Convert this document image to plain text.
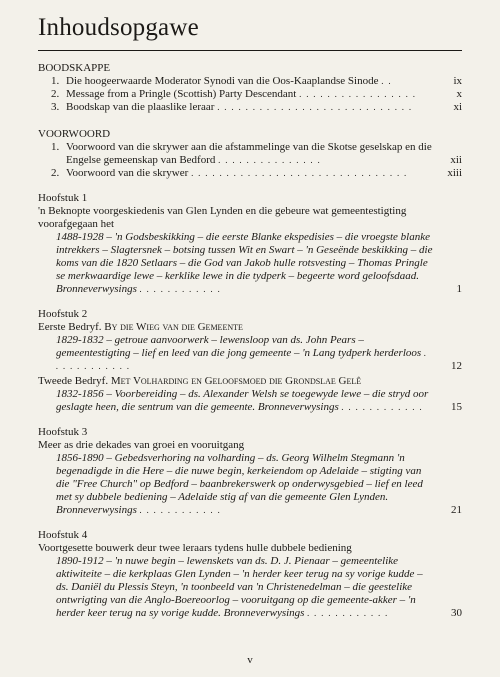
Inhoudsopgawe
BOODSKAPPE
1. Die hoogeerwaarde Moderator Synodi van die Oos-Kaaplandse Sinode . .	ix
2. Message from a Pringle (Scottish) Party Descendant . . . . . . . . . . . . . . . . .	x
3. Boodskap van die plaaslike leraar . . . . . . . . . . . . . . . . . . . . . . . . . . . .	xi
VOORWOORD
1. Voorwoord van die skrywer aan die afstammelinge van die Skotse geselskap en die Engelse gemeenskap van Bedford . . . . . . . . . . . . . . .	xii
2. Voorwoord van die skrywer . . . . . . . . . . . . . . . . . . . . . . . . . . . . . . .	xiii
Hoofstuk 1
'n Beknopte voorgeskiedenis van Glen Lynden en die gebeure wat gemeentestigting voorafgegaan het
1488-1928 – 'n Godsbeskikking – die eerste Blanke ekspedisies – die vroegste blanke intrekkers – Slagtersnek – botsing tussen Wit en Swart – 'n Geseënde beskikking – die koms van die 1820 Setlaars – die God van Jakob hulle rotsvesting – Thomas Pringle se merkwaardige lewe – kerklike lewe in die tydperk – begeerte word geloofsdaad. Bronneverwysings . . . . . . . . . . . .	1
Hoofstuk 2
Eerste Bedryf. By die Wieg van die Gemeente
1829-1832 – getroue aanvoorwerk – lewensloop van ds. John Pears – gemeentestigting – lief en leed van die jong gemeente – 'n Lang tydperk herderloos . . . . . . . . . . . .	12
Tweede Bedryf. Met Volharding en Geloofsmoed die Grondslae Gelê
1832-1856 – Voorbereiding – ds. Alexander Welsh se toegewyde lewe – die stryd oor geslagte heen, die sentrum van die gemeente. Bronneverwysings . . . . . . . . . . . .	15
Hoofstuk 3
Meer as drie dekades van groei en vooruitgang
1856-1890 – Gebedsverhoring na volharding – ds. Georg Wilhelm Stegmann 'n begenadigde in die Here – die nuwe begin, kerkeiendom op Adelaide – stigting van die "Free Church" op Bedford – baanbrekerswerk op onderwysgebied – lief en leed met sy dubbele bediening – Adelaide stig af van die gemeente Glen Lynden. Bronneverwysings . . . . . . . . . . . .	21
Hoofstuk 4
Voortgesette bouwerk deur twee leraars tydens hulle dubbele bediening
1890-1912 – 'n nuwe begin – lewenskets van ds. D. J. Pienaar – gemeentelike aktiwiteite – die kerkplaas Glen Lynden – 'n herder keer terug na sy vorige kudde – ds. Daniël du Plessis Steyn, 'n toonbeeld van 'n Christenedelman – die geestelike ontwrigting van die Anglo-Boereoorlog – vooruitgang op die gemeente-akker – 'n herder keer terug na sy vorige kudde. Bronneverwysings . . . . . . . . . . . .	30
v
